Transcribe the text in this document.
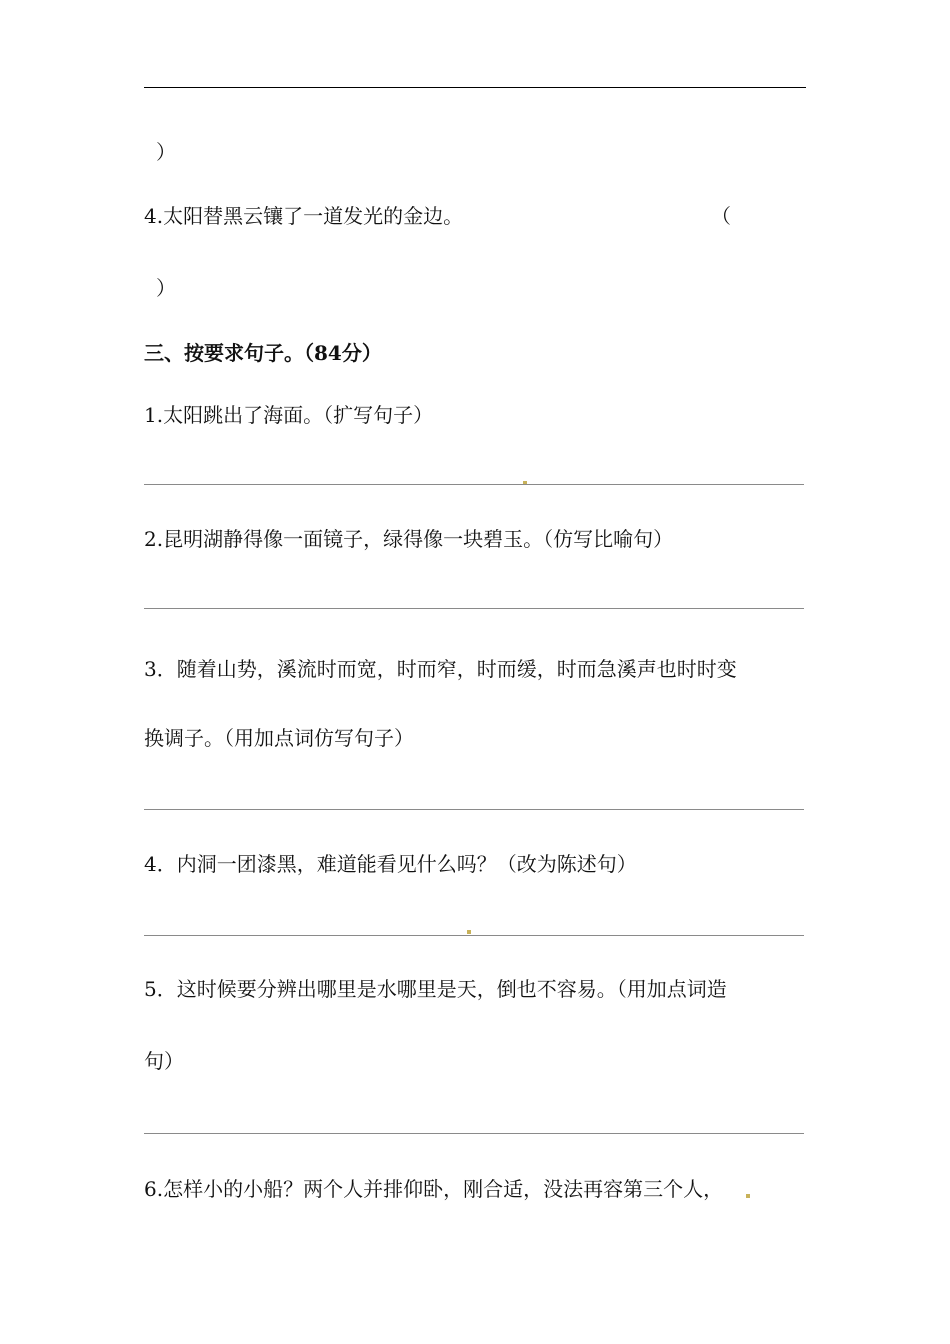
）
4.太阳替黑云镶了一道发光的金边。	（
）
三、按要求句子。（84分）
1.太阳跳出了海面。（扩写句子）
2.昆明湖静得像一面镜子，绿得像一块碧玉。（仿写比喻句）
3．随着山势，溪流时而宽，时而窄，时而缓，时而急溪声也时时变
换调子。（用加点词仿写句子）
4．内洞一团漆黑，难道能看见什么吗？（改为陈述句）
5．这时候要分辨出哪里是水哪里是天，倒也不容易。（用加点词造
句）
6.怎样小的小船？两个人并排仰卧，刚合适，没法再容第三个人，
